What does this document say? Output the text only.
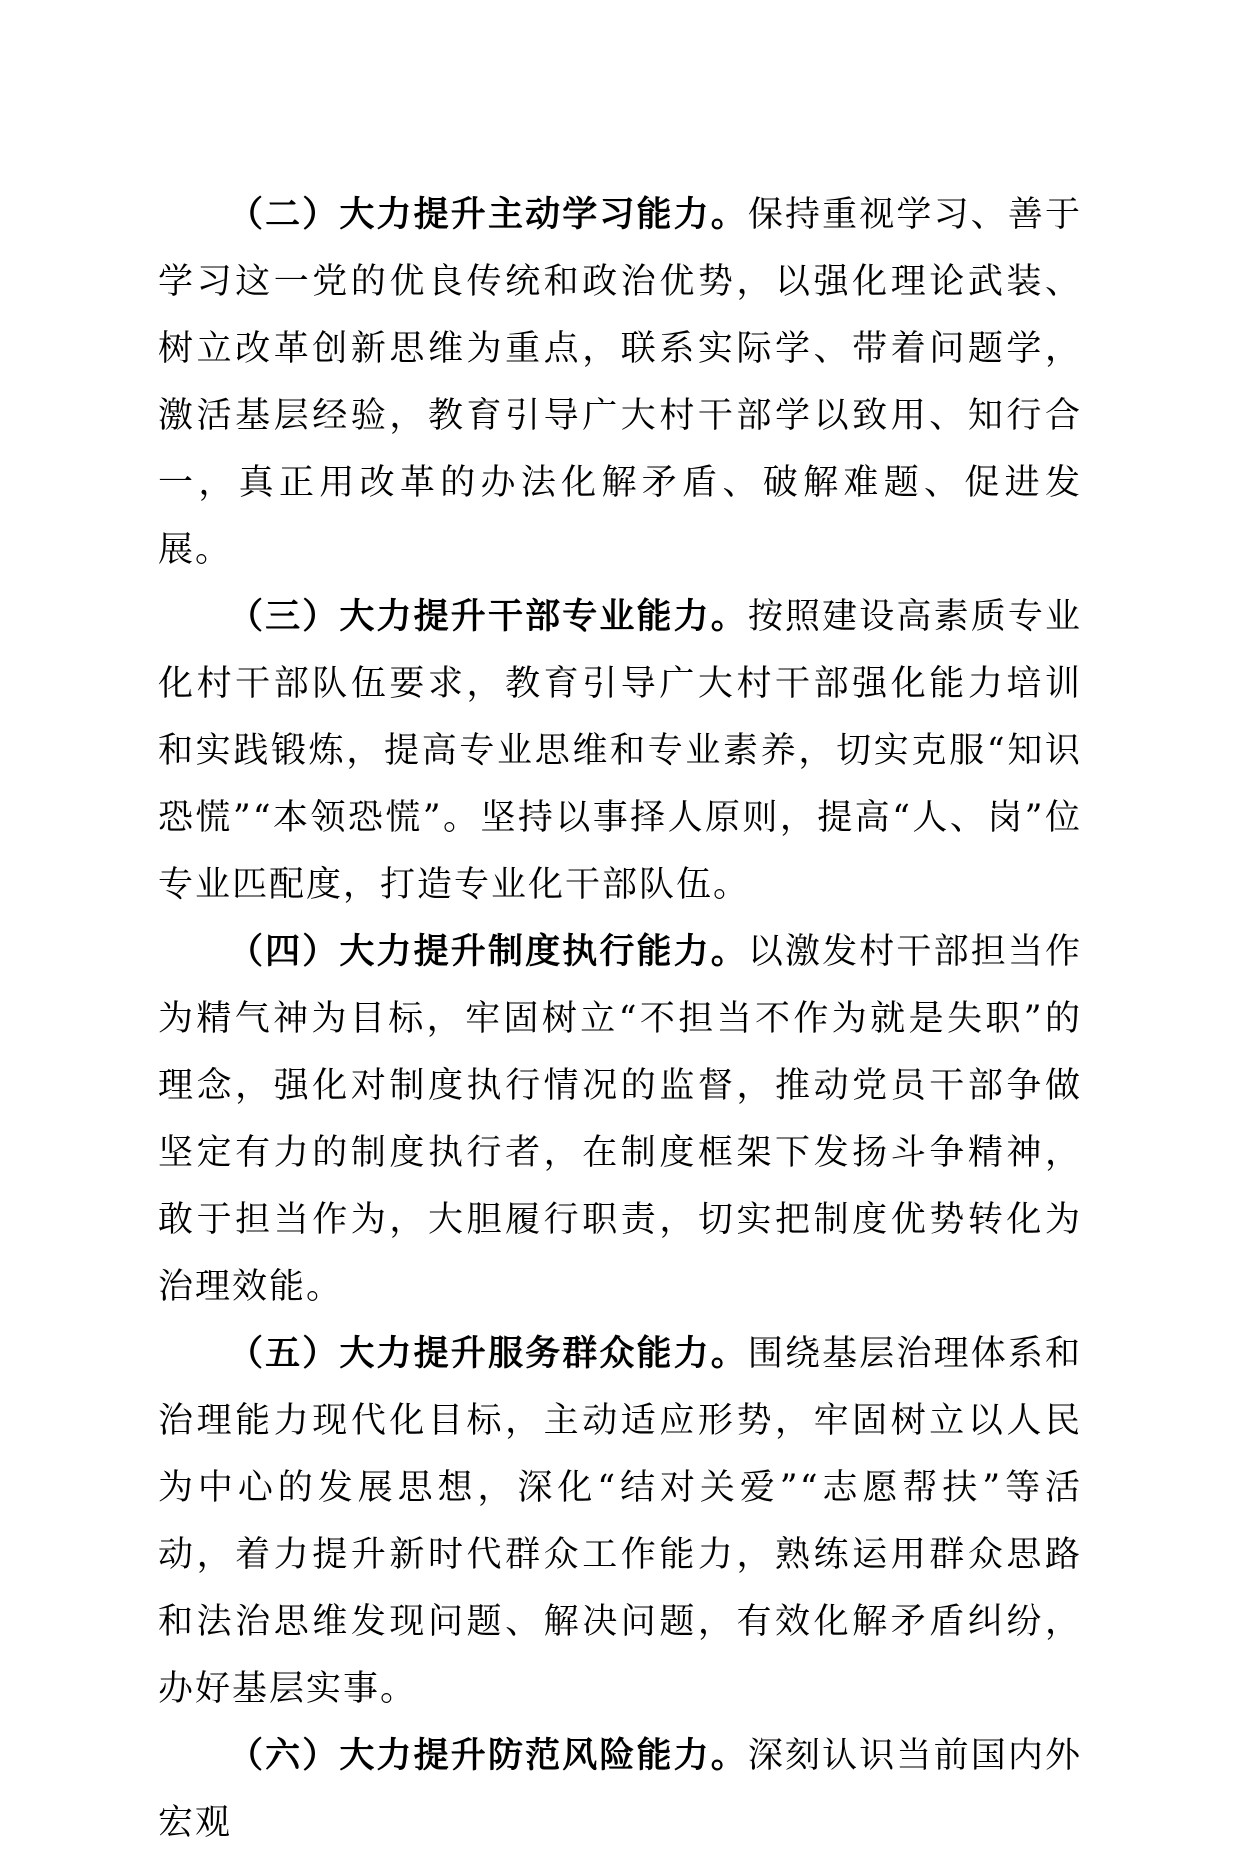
（二）大力提升主动学习能力。保持重视学习、善于学习这一党的优良传统和政治优势，以强化理论武装、树立改革创新思维为重点，联系实际学、带着问题学，激活基层经验，教育引导广大村干部学以致用、知行合一，真正用改革的办法化解矛盾、破解难题、促进发展。

（三）大力提升干部专业能力。按照建设高素质专业化村干部队伍要求，教育引导广大村干部强化能力培训和实践锻炼，提高专业思维和专业素养，切实克服“知识恐慌”“本领恐慌”。坚持以事择人原则，提高“人、岗”位专业匹配度，打造专业化干部队伍。

（四）大力提升制度执行能力。以激发村干部担当作为精气神为目标，牢固树立“不担当不作为就是失职”的理念，强化对制度执行情况的监督，推动党员干部争做坚定有力的制度执行者，在制度框架下发扬斗争精神，敢于担当作为，大胆履行职责，切实把制度优势转化为治理效能。

（五）大力提升服务群众能力。围绕基层治理体系和治理能力现代化目标，主动适应形势，牢固树立以人民为中心的发展思想，深化“结对关爱”“志愿帮扶”等活动，着力提升新时代群众工作能力，熟练运用群众思路和法治思维发现问题、解决问题，有效化解矛盾纠纷，办好基层实事。

（六）大力提升防范风险能力。深刻认识当前国内外宏观
